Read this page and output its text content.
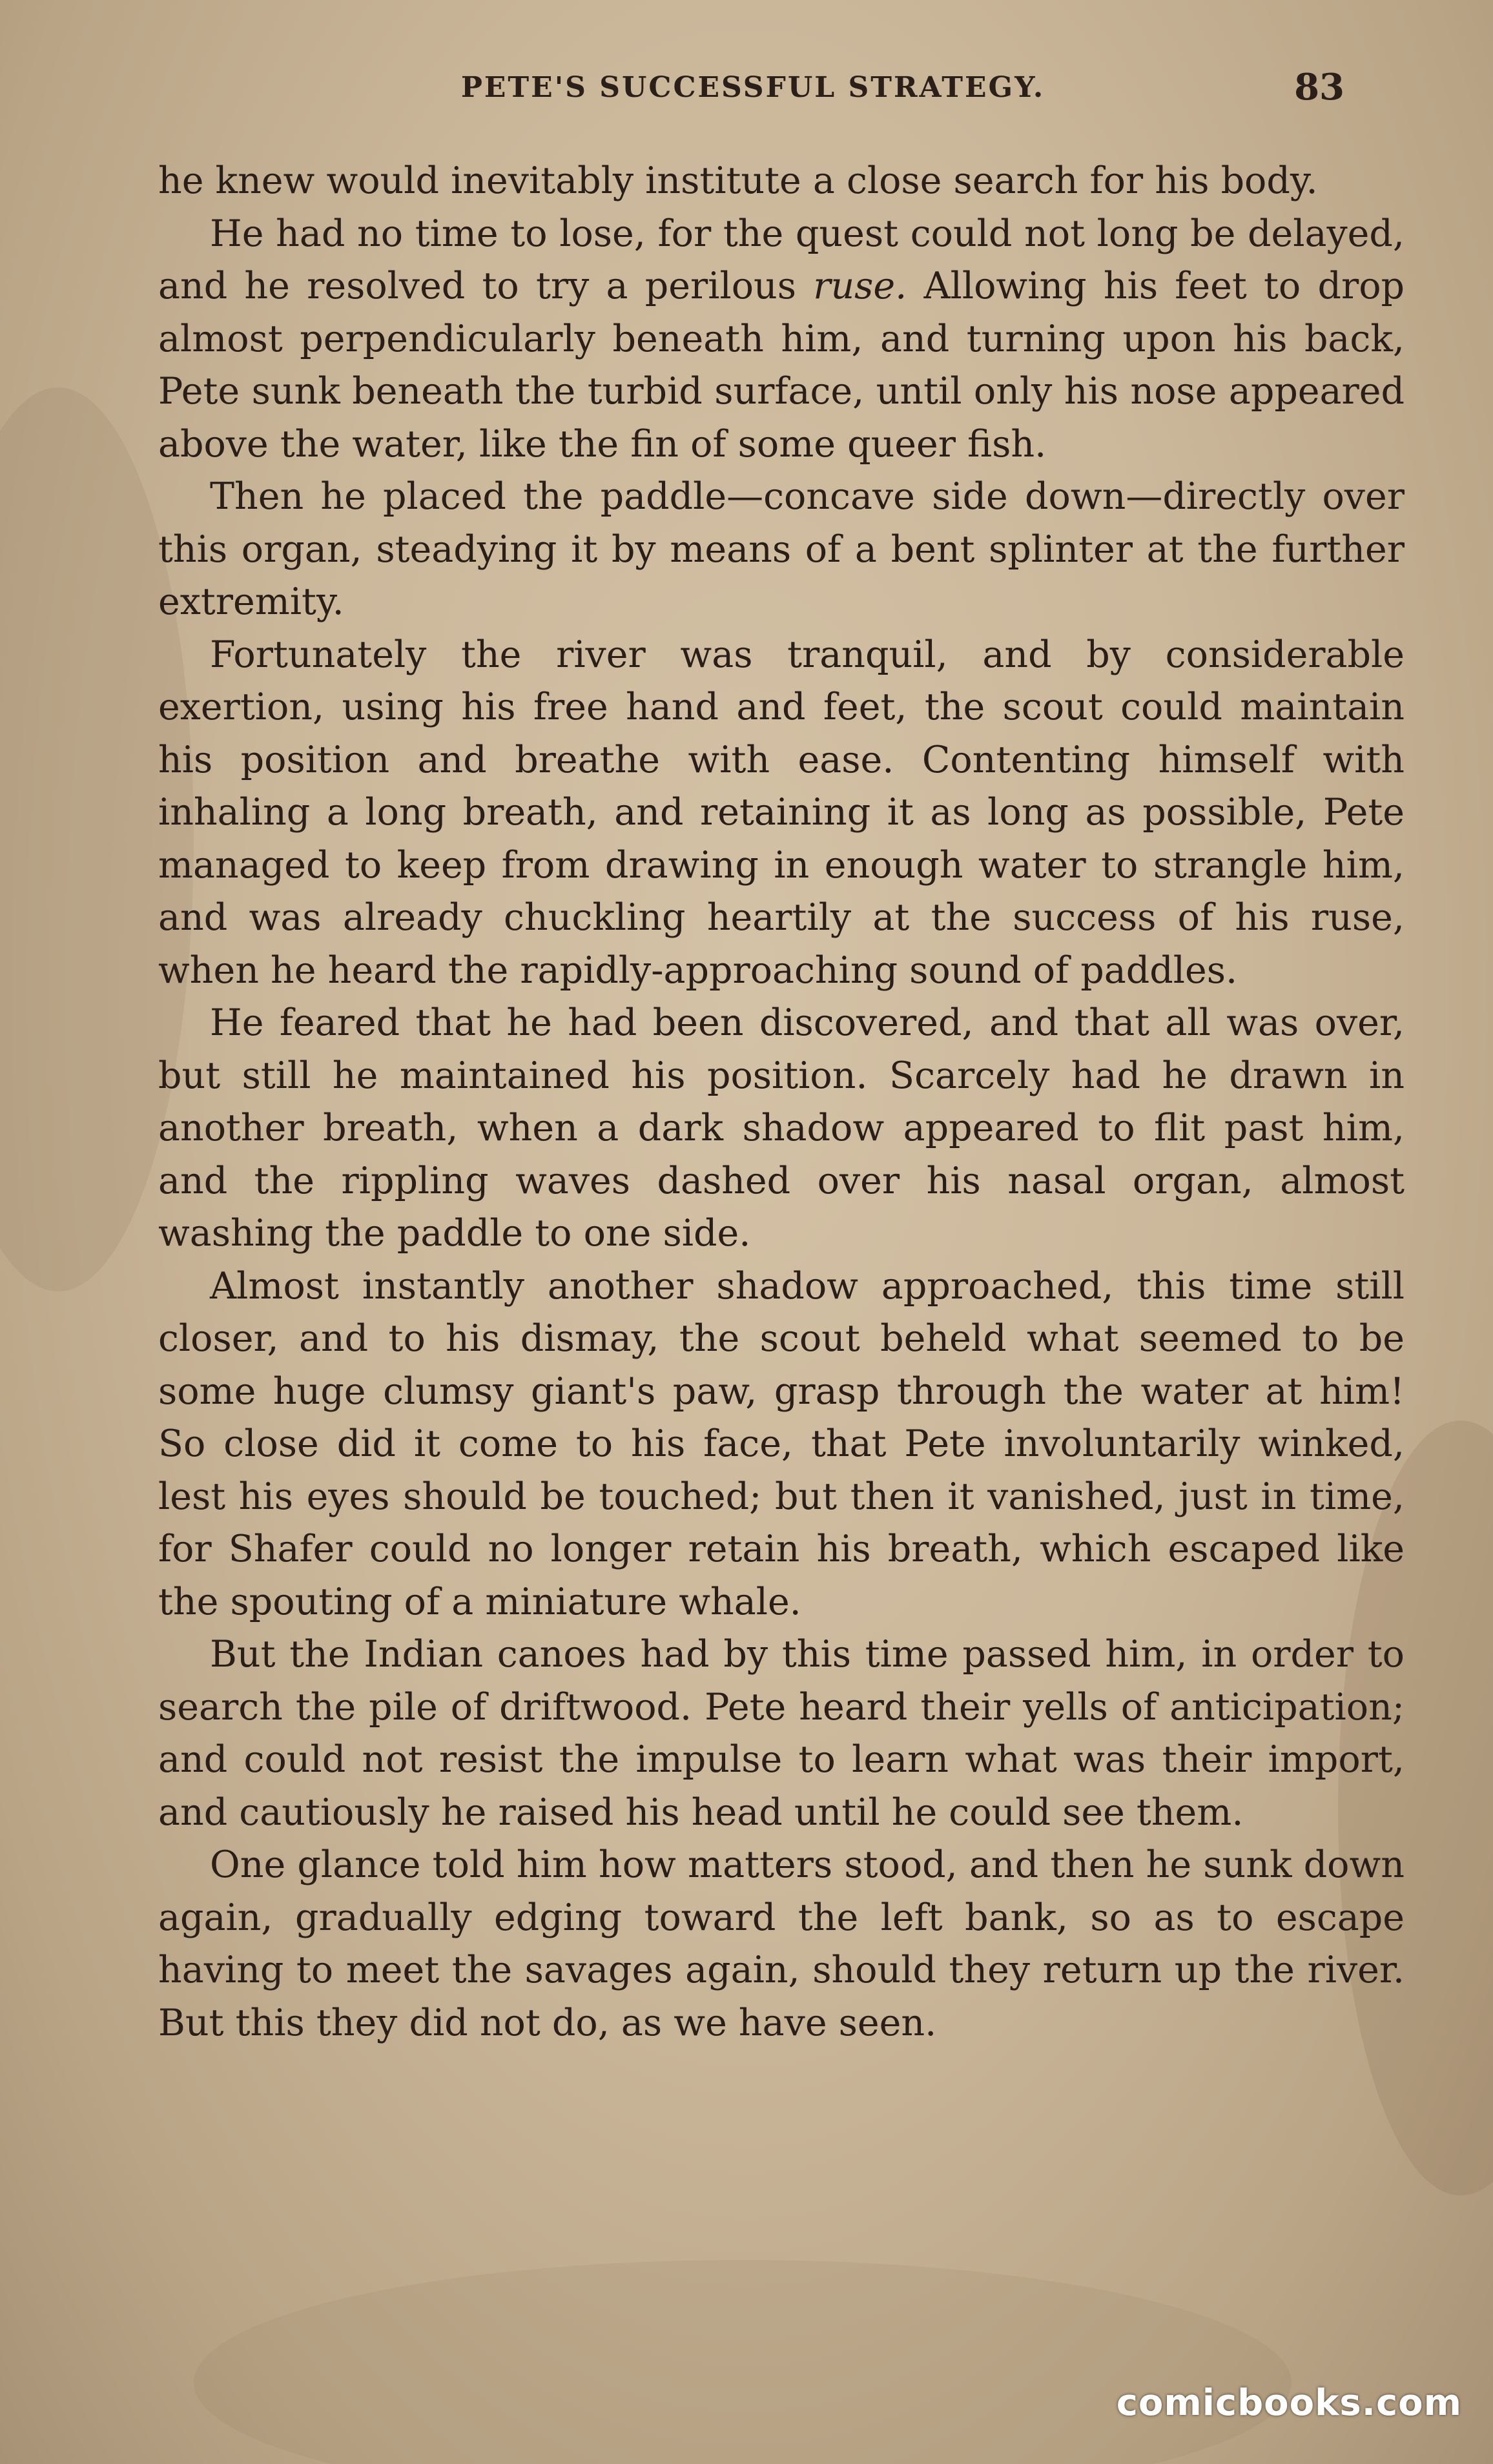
PETE'S SUCCESSFUL STRATEGY.	83

he knew would inevitably institute a close search for his body.

He had no time to lose, for the quest could not long be delayed, and he resolved to try a perilous ruse. Allowing his feet to drop almost perpendicularly beneath him, and turning upon his back, Pete sunk beneath the turbid surface, until only his nose appeared above the water, like the fin of some queer fish.

Then he placed the paddle—concave side down—directly over this organ, steadying it by means of a bent splinter at the further extremity.

Fortunately the river was tranquil, and by considerable exertion, using his free hand and feet, the scout could maintain his position and breathe with ease. Contenting himself with inhaling a long breath, and retaining it as long as possible, Pete managed to keep from drawing in enough water to strangle him, and was already chuckling heartily at the success of his ruse, when he heard the rapidly-approaching sound of paddles.

He feared that he had been discovered, and that all was over, but still he maintained his position. Scarcely had he drawn in another breath, when a dark shadow appeared to flit past him, and the rippling waves dashed over his nasal organ, almost washing the paddle to one side.

Almost instantly another shadow approached, this time still closer, and to his dismay, the scout beheld what seemed to be some huge clumsy giant's paw, grasp through the water at him! So close did it come to his face, that Pete involuntarily winked, lest his eyes should be touched; but then it vanished, just in time, for Shafer could no longer retain his breath, which escaped like the spouting of a miniature whale.

But the Indian canoes had by this time passed him, in order to search the pile of driftwood. Pete heard their yells of anticipation; and could not resist the impulse to learn what was their import, and cautiously he raised his head until he could see them.

One glance told him how matters stood, and then he sunk down again, gradually edging toward the left bank, so as to escape having to meet the savages again, should they return up the river. But this they did not do, as we have seen.

comicbooks.com
